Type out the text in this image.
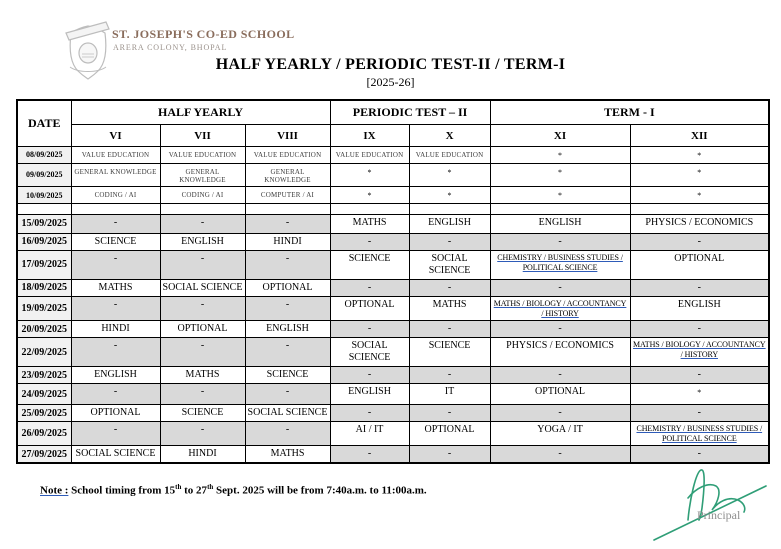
ST. JOSEPH'S CO-ED SCHOOL
ARERA COLONY, BHOPAL
HALF YEARLY / PERIODIC TEST-II / TERM-I
[2025-26]
DATE	HALF YEARLY			PERIODIC TEST – II		TERM - I	
	VI	VII	VIII	IX	X	XI	XII
08/09/2025	VALUE EDUCATION	VALUE EDUCATION	VALUE EDUCATION	VALUE EDUCATION	VALUE EDUCATION	*	*
09/09/2025	GENERAL KNOWLEDGE	GENERAL KNOWLEDGE	GENERAL KNOWLEDGE	*	*	*	*
10/09/2025	CODING / AI	CODING / AI	COMPUTER / AI	*	*	*	*

15/09/2025	-	-	-	MATHS	ENGLISH	ENGLISH	PHYSICS / ECONOMICS
16/09/2025	SCIENCE	ENGLISH	HINDI	-	-	-	-
17/09/2025	-	-	-	SCIENCE	SOCIAL SCIENCE	CHEMISTRY / BUSINESS STUDIES / POLITICAL SCIENCE	OPTIONAL
18/09/2025	MATHS	SOCIAL SCIENCE	OPTIONAL	-	-	-	-
19/09/2025	-	-	-	OPTIONAL	MATHS	MATHS / BIOLOGY / ACCOUNTANCY / HISTORY	ENGLISH
20/09/2025	HINDI	OPTIONAL	ENGLISH	-	-	-	-
22/09/2025	-	-	-	SOCIAL SCIENCE	SCIENCE	PHYSICS / ECONOMICS	MATHS / BIOLOGY / ACCOUNTANCY / HISTORY
23/09/2025	ENGLISH	MATHS	SCIENCE	-	-	-	-
24/09/2025	-	-	-	ENGLISH	IT	OPTIONAL	*
25/09/2025	OPTIONAL	SCIENCE	SOCIAL SCIENCE	-	-	-	-
26/09/2025	-	-	-	AI / IT	OPTIONAL	YOGA / IT	CHEMISTRY / BUSINESS STUDIES / POLITICAL SCIENCE
27/09/2025	SOCIAL SCIENCE	HINDI	MATHS	-	-	-	-
Note : School timing from 15th to 27th Sept. 2025 will be from 7:40a.m. to 11:00a.m.
Principal
